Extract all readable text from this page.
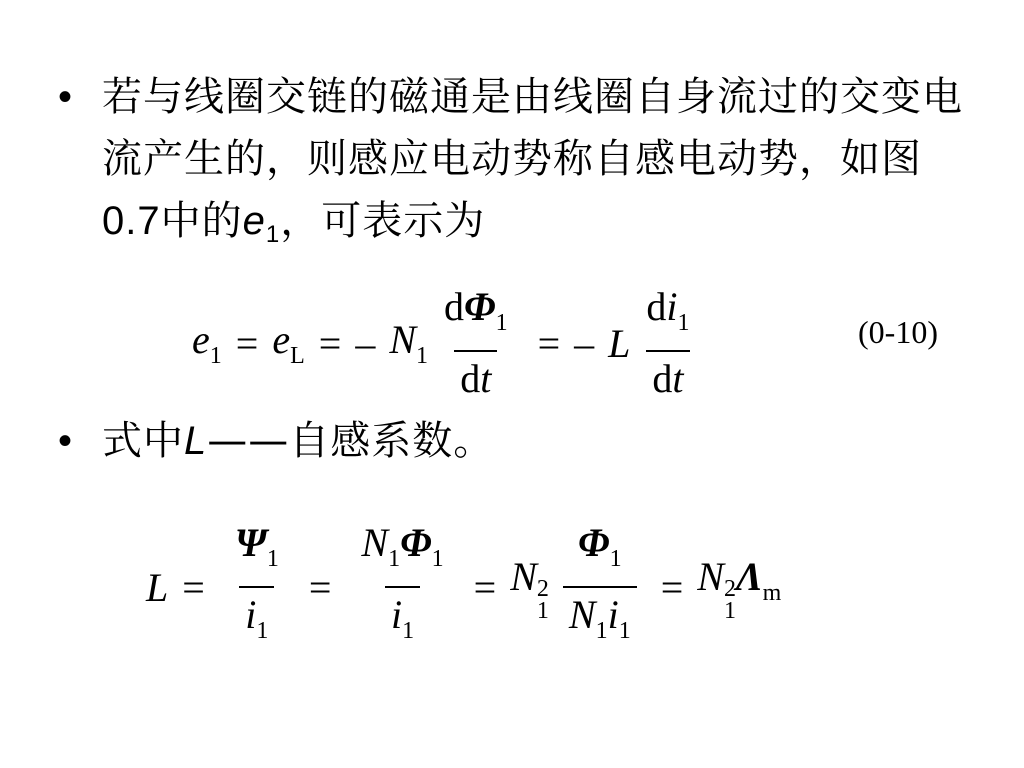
• 若与线圈交链的磁通是由线圈自身流过的交变电流产生的，则感应电动势称自感电动势，如图0.7中的$e_1$，可表示为
$e_1 = e_L$ = – $N_1 \frac{d\Phi_1}{dt}$ = – L $\frac{di_1}{dt}$	(0-10)
• 式中L——自感系数。
$L = \frac{\Psi_1}{i_1} = \frac{N_1\Phi_1}{i_1} = N$ 2
$1 \frac{\Phi_1}{N_1i_1} = N$ 2
1
$\Lambda_m$
